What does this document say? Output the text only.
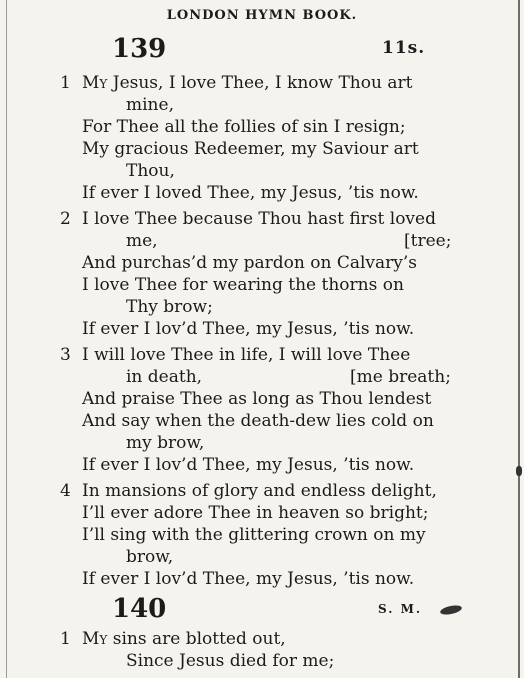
LONDON HYMN BOOK.
139	11s.
1 My Jesus, I love Thee, I know Thou art
mine,
For Thee all the follies of sin I resign;
My gracious Redeemer, my Saviour art
Thou,
If ever I loved Thee, my Jesus, ’tis now.
2 I love Thee because Thou hast first loved
me,	[tree;
And purchas’d my pardon on Calvary’s
I love Thee for wearing the thorns on
Thy brow;
If ever I lov’d Thee, my Jesus, ’tis now.
3 I will love Thee in life, I will love Thee
in death,	[me breath;
And praise Thee as long as Thou lendest
And say when the death-dew lies cold on
my brow,
If ever I lov’d Thee, my Jesus, ’tis now.
4 In mansions of glory and endless delight,
I’ll ever adore Thee in heaven so bright;
I’ll sing with the glittering crown on my
brow,
If ever I lov’d Thee, my Jesus, ’tis now.
140	S. M.
1 My sins are blotted out,
Since Jesus died for me;
